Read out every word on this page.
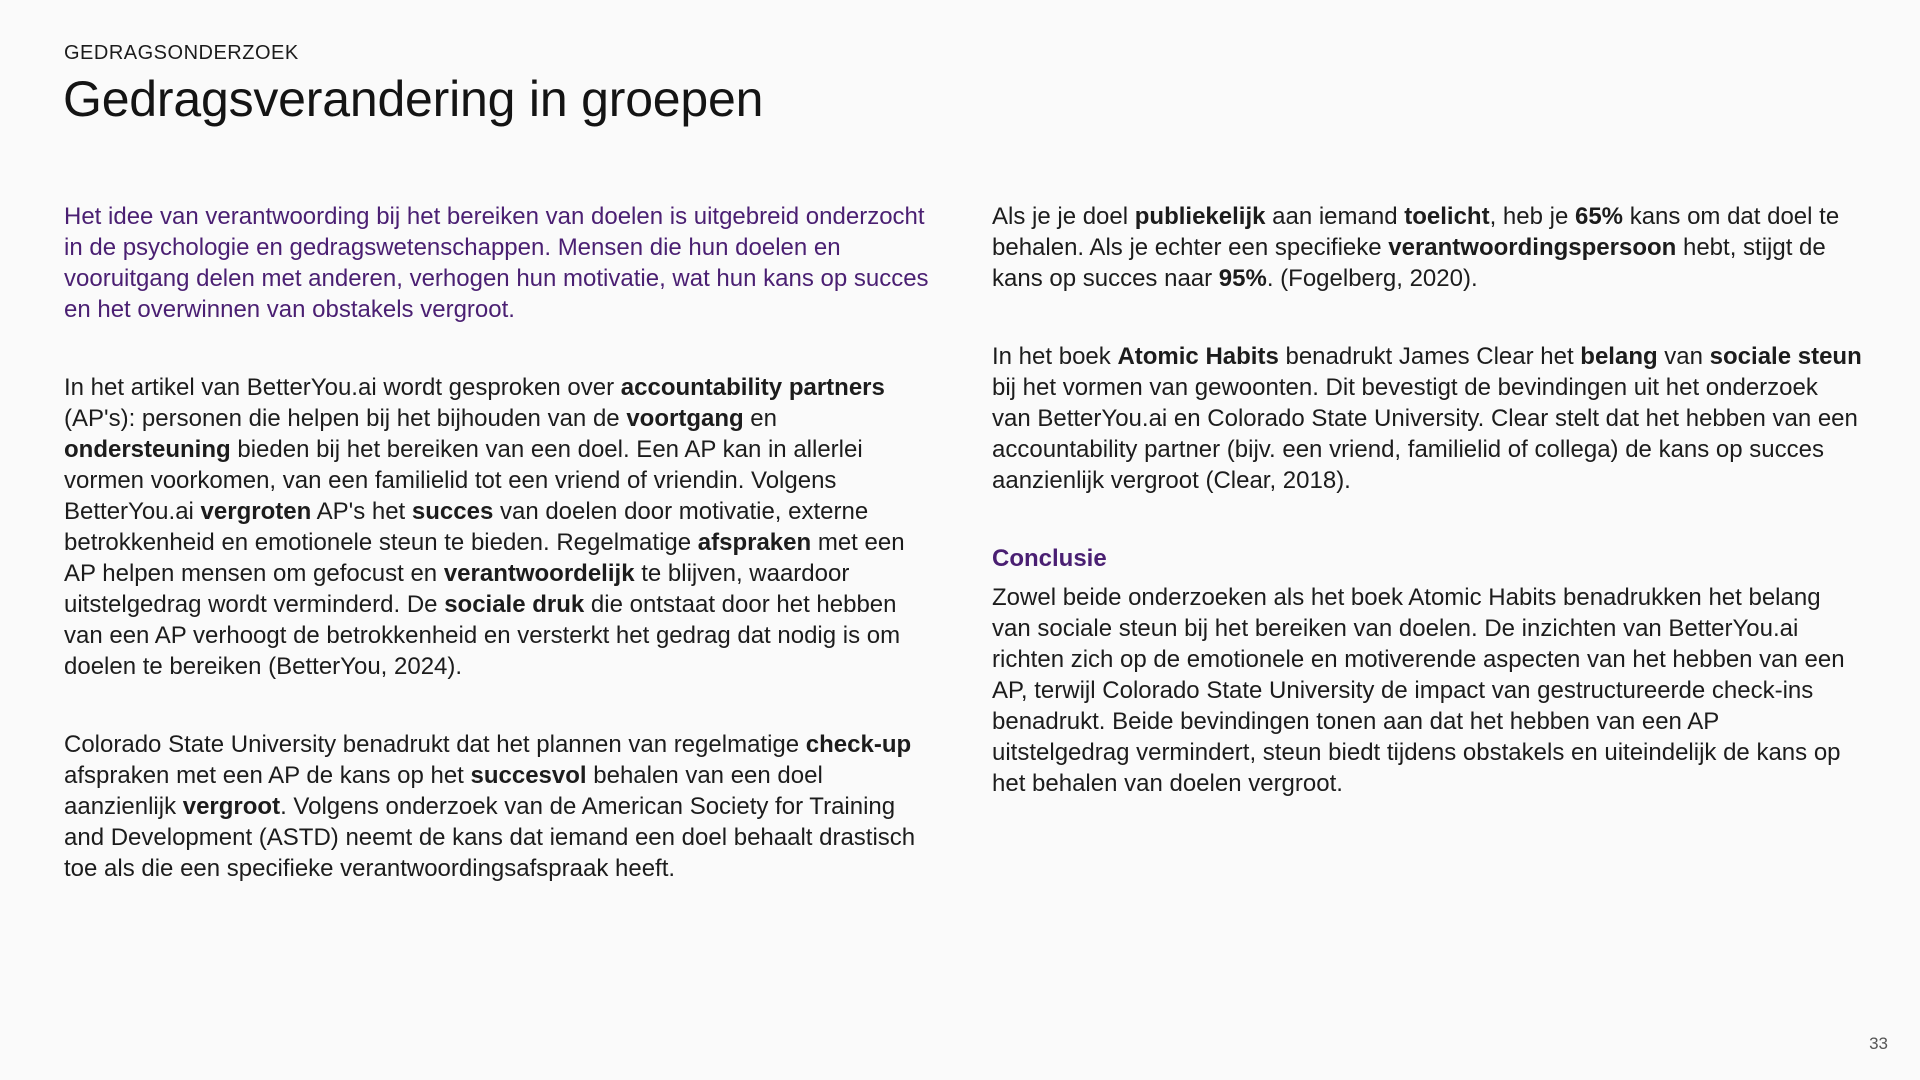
GEDRAGSONDERZOEK
Gedragsverandering in groepen

Het idee van verantwoording bij het bereiken van doelen is uitgebreid onderzocht in de psychologie en gedragswetenschappen. Mensen die hun doelen en vooruitgang delen met anderen, verhogen hun motivatie, wat hun kans op succes en het overwinnen van obstakels vergroot.

In het artikel van BetterYou.ai wordt gesproken over accountability partners (AP's): personen die helpen bij het bijhouden van de voortgang en ondersteuning bieden bij het bereiken van een doel. Een AP kan in allerlei vormen voorkomen, van een familielid tot een vriend of vriendin. Volgens BetterYou.ai vergroten AP's het succes van doelen door motivatie, externe betrokkenheid en emotionele steun te bieden. Regelmatige afspraken met een AP helpen mensen om gefocust en verantwoordelijk te blijven, waardoor uitstelgedrag wordt verminderd. De sociale druk die ontstaat door het hebben van een AP verhoogt de betrokkenheid en versterkt het gedrag dat nodig is om doelen te bereiken (BetterYou, 2024).

Colorado State University benadrukt dat het plannen van regelmatige check-up afspraken met een AP de kans op het succesvol behalen van een doel aanzienlijk vergroot. Volgens onderzoek van de American Society for Training and Development (ASTD) neemt de kans dat iemand een doel behaalt drastisch toe als die een specifieke verantwoordingsafspraak heeft.

Als je je doel publiekelijk aan iemand toelicht, heb je 65% kans om dat doel te behalen. Als je echter een specifieke verantwoordingspersoon hebt, stijgt de kans op succes naar 95%. (Fogelberg, 2020).

In het boek Atomic Habits benadrukt James Clear het belang van sociale steun bij het vormen van gewoonten. Dit bevestigt de bevindingen uit het onderzoek van BetterYou.ai en Colorado State University. Clear stelt dat het hebben van een accountability partner (bijv. een vriend, familielid of collega) de kans op succes aanzienlijk vergroot (Clear, 2018).

Conclusie

Zowel beide onderzoeken als het boek Atomic Habits benadrukken het belang van sociale steun bij het bereiken van doelen. De inzichten van BetterYou.ai richten zich op de emotionele en motiverende aspecten van het hebben van een AP, terwijl Colorado State University de impact van gestructureerde check-ins benadrukt. Beide bevindingen tonen aan dat het hebben van een AP uitstelgedrag vermindert, steun biedt tijdens obstakels en uiteindelijk de kans op het behalen van doelen vergroot.

33
